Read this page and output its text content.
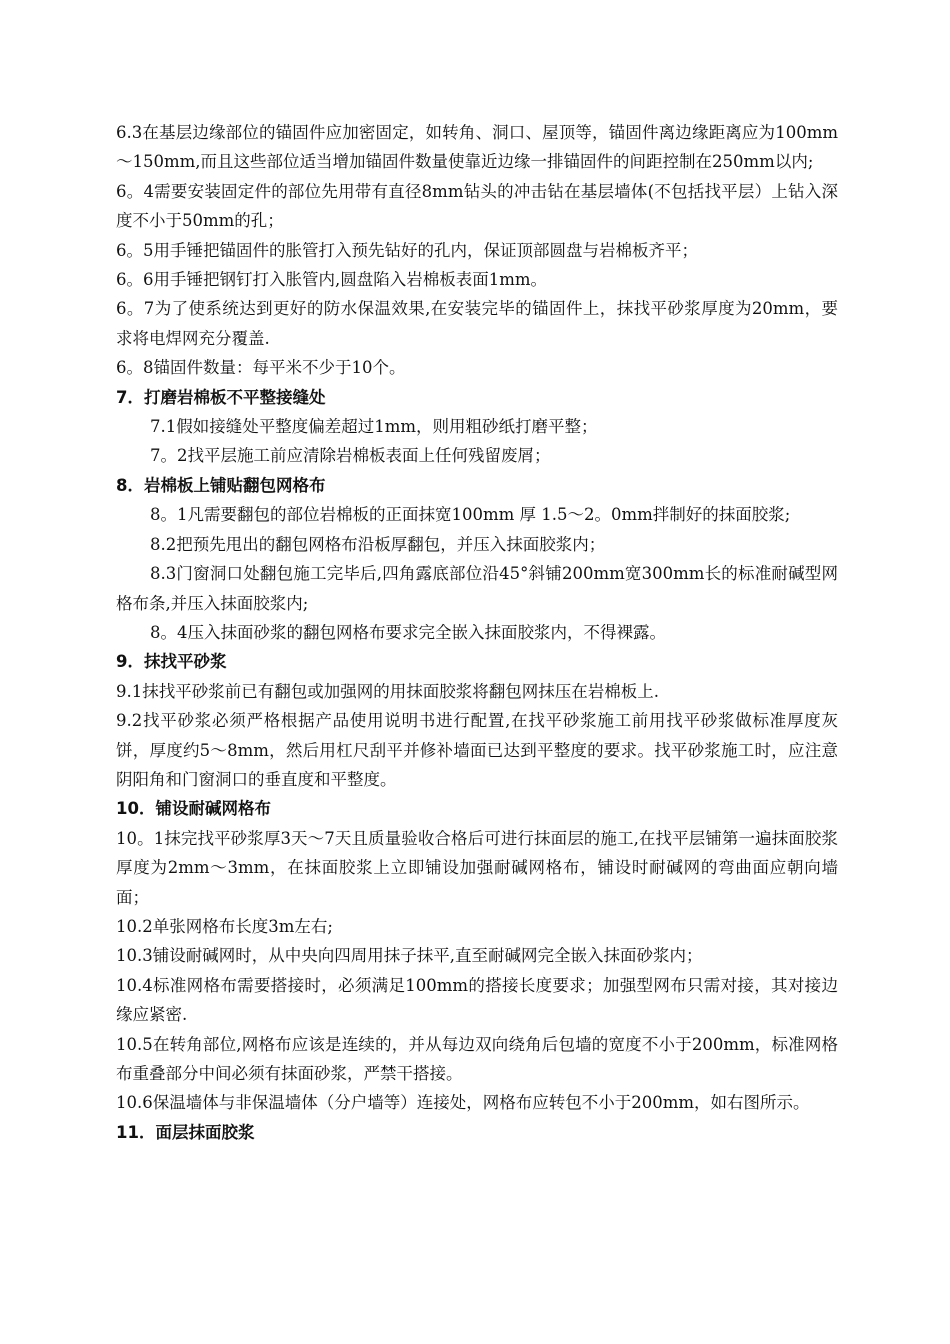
6.3在基层边缘部位的锚固件应加密固定，如转角、洞口、屋顶等，锚固件离边缘距离应为100mm～150mm,而且这些部位适当增加锚固件数量使靠近边缘一排锚固件的间距控制在250mm以内;

6。4需要安装固定件的部位先用带有直径8mm钻头的冲击钻在基层墙体(不包括找平层）上钻入深度不小于50mm的孔；

6。5用手锤把锚固件的胀管打入预先钻好的孔内，保证顶部圆盘与岩棉板齐平；

6。6用手锤把钢钉打入胀管内,圆盘陷入岩棉板表面1mm。

6。7为了使系统达到更好的防水保温效果,在安装完毕的锚固件上，抹找平砂浆厚度为20mm，要求将电焊网充分覆盖.

6。8锚固件数量：每平米不少于10个。

7．打磨岩棉板不平整接缝处

7.1假如接缝处平整度偏差超过1mm，则用粗砂纸打磨平整；

7。2找平层施工前应清除岩棉板表面上任何残留废屑；

8．岩棉板上铺贴翻包网格布

8。1凡需要翻包的部位岩棉板的正面抹宽100mm 厚 1.5～2。0mm拌制好的抹面胶浆;

8.2把预先甩出的翻包网格布沿板厚翻包，并压入抹面胶浆内；

8.3门窗洞口处翻包施工完毕后,四角露底部位沿45°斜铺200mm宽300mm长的标准耐碱型网格布条,并压入抹面胶浆内;

8。4压入抹面砂浆的翻包网格布要求完全嵌入抹面胶浆内，不得裸露。

9．抹找平砂浆

9.1抹找平砂浆前已有翻包或加强网的用抹面胶浆将翻包网抹压在岩棉板上.

9.2找平砂浆必须严格根据产品使用说明书进行配置,在找平砂浆施工前用找平砂浆做标准厚度灰饼，厚度约5～8mm，然后用杠尺刮平并修补墙面已达到平整度的要求。找平砂浆施工时，应注意阴阳角和门窗洞口的垂直度和平整度。

10．铺设耐碱网格布

10。1抹完找平砂浆厚3天～7天且质量验收合格后可进行抹面层的施工,在找平层铺第一遍抹面胶浆厚度为2mm～3mm，在抹面胶浆上立即铺设加强耐碱网格布，铺设时耐碱网的弯曲面应朝向墙面；

10.2单张网格布长度3m左右;

10.3铺设耐碱网时，从中央向四周用抹子抹平,直至耐碱网完全嵌入抹面砂浆内；

10.4标准网格布需要搭接时，必须满足100mm的搭接长度要求；加强型网布只需对接，其对接边缘应紧密.

10.5在转角部位,网格布应该是连续的，并从每边双向绕角后包墙的宽度不小于200mm，标准网格布重叠部分中间必须有抹面砂浆，严禁干搭接。

10.6保温墙体与非保温墙体（分户墙等）连接处，网格布应转包不小于200mm，如右图所示。

11．面层抹面胶浆
